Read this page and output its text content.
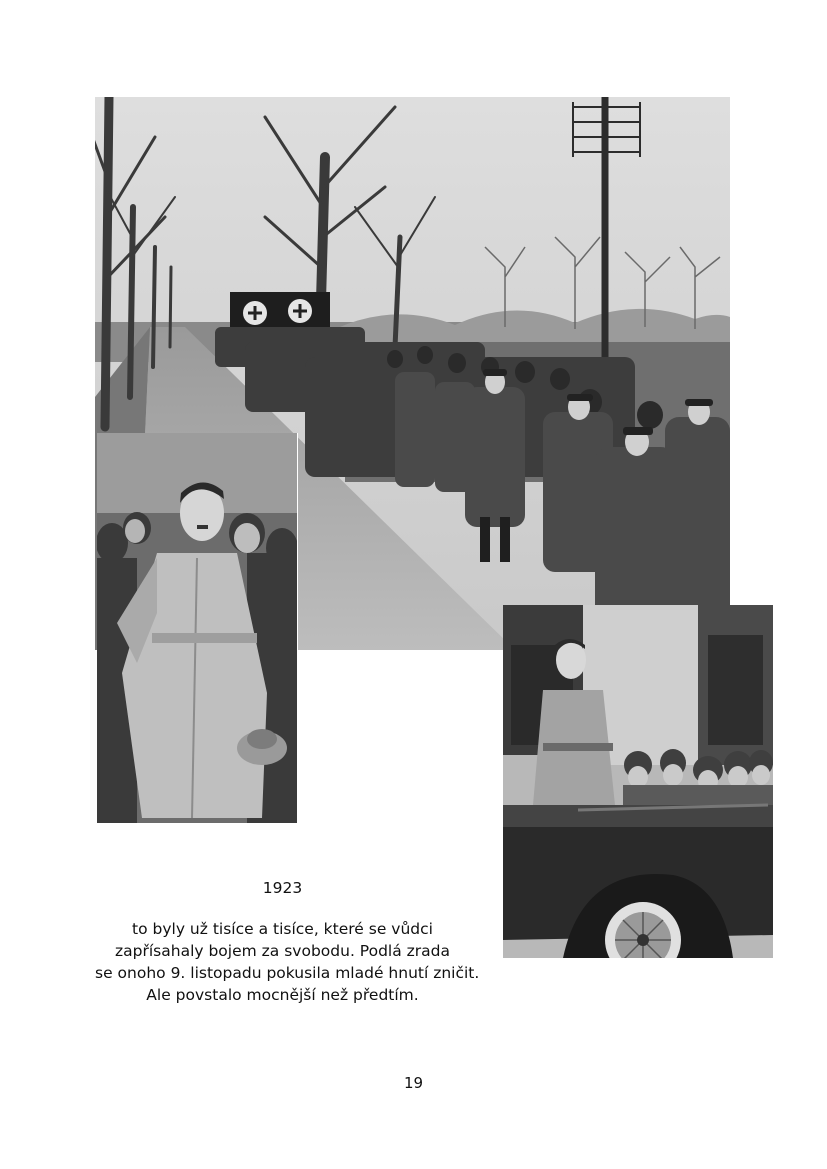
1923
to byly už tisíce a tisíce, které se vůdci
zapřísahaly bojem za svobodu. Podlá zrada
se onoho 9. listopadu pokusila mladé hnutí zničit.
Ale povstalo mocnější než předtím.
19
